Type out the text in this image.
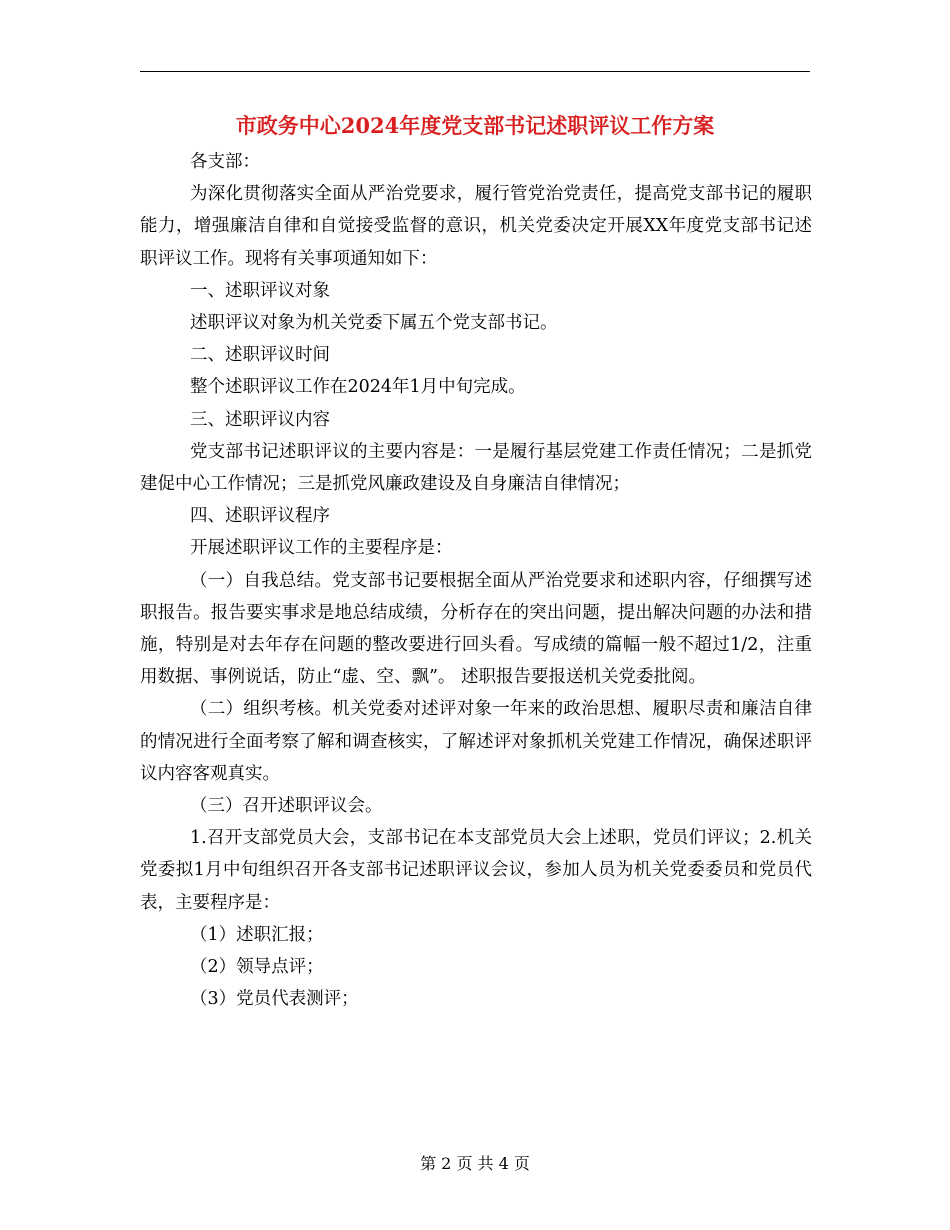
市政务中心2024年度党支部书记述职评议工作方案

各支部：

为深化贯彻落实全面从严治党要求，履行管党治党责任，提高党支部书记的履职能力，增强廉洁自律和自觉接受监督的意识，机关党委决定开展XX年度党支部书记述职评议工作。现将有关事项通知如下：

一、述职评议对象

述职评议对象为机关党委下属五个党支部书记。

二、述职评议时间

整个述职评议工作在2024年1月中旬完成。

三、述职评议内容

党支部书记述职评议的主要内容是：一是履行基层党建工作责任情况；二是抓党建促中心工作情况；三是抓党风廉政建设及自身廉洁自律情况；

四、述职评议程序

开展述职评议工作的主要程序是：

（一）自我总结。党支部书记要根据全面从严治党要求和述职内容，仔细撰写述职报告。报告要实事求是地总结成绩，分析存在的突出问题，提出解决问题的办法和措施，特别是对去年存在问题的整改要进行回头看。写成绩的篇幅一般不超过1/2，注重用数据、事例说话，防止“虚、空、飘”。 述职报告要报送机关党委批阅。

（二）组织考核。机关党委对述评对象一年来的政治思想、履职尽责和廉洁自律的情况进行全面考察了解和调查核实，了解述评对象抓机关党建工作情况，确保述职评议内容客观真实。

（三）召开述职评议会。

1.召开支部党员大会，支部书记在本支部党员大会上述职，党员们评议；2.机关党委拟1月中旬组织召开各支部书记述职评议会议，参加人员为机关党委委员和党员代表，主要程序是：

（1）述职汇报；

（2）领导点评；

（3）党员代表测评；

第 2 页 共 4 页
